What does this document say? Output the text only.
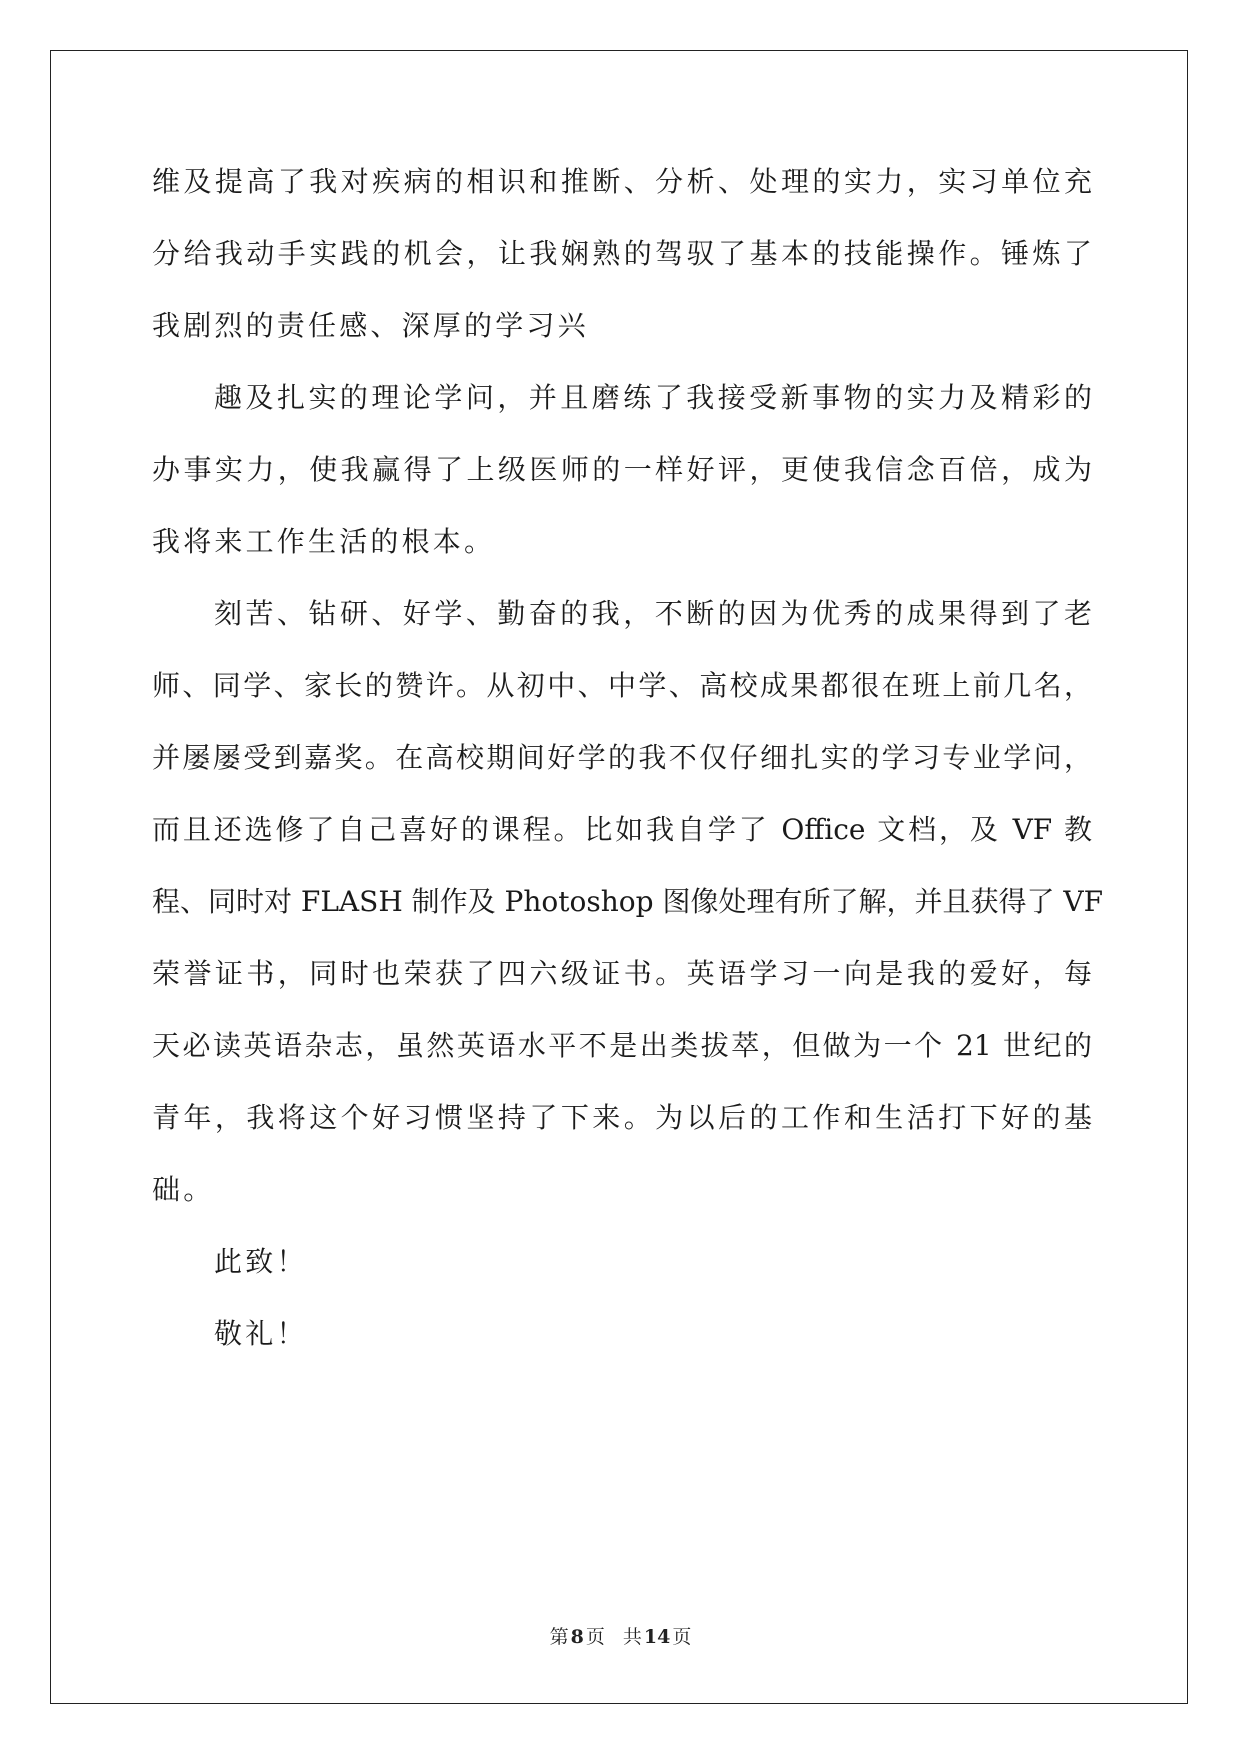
维及提高了我对疾病的相识和推断、分析、处理的实力，实习单位充
分给我动手实践的机会，让我娴熟的驾驭了基本的技能操作。锤炼了
我剧烈的责任感、深厚的学习兴
趣及扎实的理论学问，并且磨练了我接受新事物的实力及精彩的
办事实力，使我赢得了上级医师的一样好评，更使我信念百倍，成为
我将来工作生活的根本。
刻苦、钻研、好学、勤奋的我，不断的因为优秀的成果得到了老
师、同学、家长的赞许。从初中、中学、高校成果都很在班上前几名，
并屡屡受到嘉奖。在高校期间好学的我不仅仔细扎实的学习专业学问，
而且还选修了自己喜好的课程。比如我自学了 Office 文档，及 VF 教
程、同时对 FLASH 制作及 Photoshop 图像处理有所了解，并且获得了 VF
荣誉证书，同时也荣获了四六级证书。英语学习一向是我的爱好，每
天必读英语杂志，虽然英语水平不是出类拔萃，但做为一个 21 世纪的
青年，我将这个好习惯坚持了下来。为以后的工作和生活打下好的基
础。
此致！
敬礼！
第 8 页 共 14 页
